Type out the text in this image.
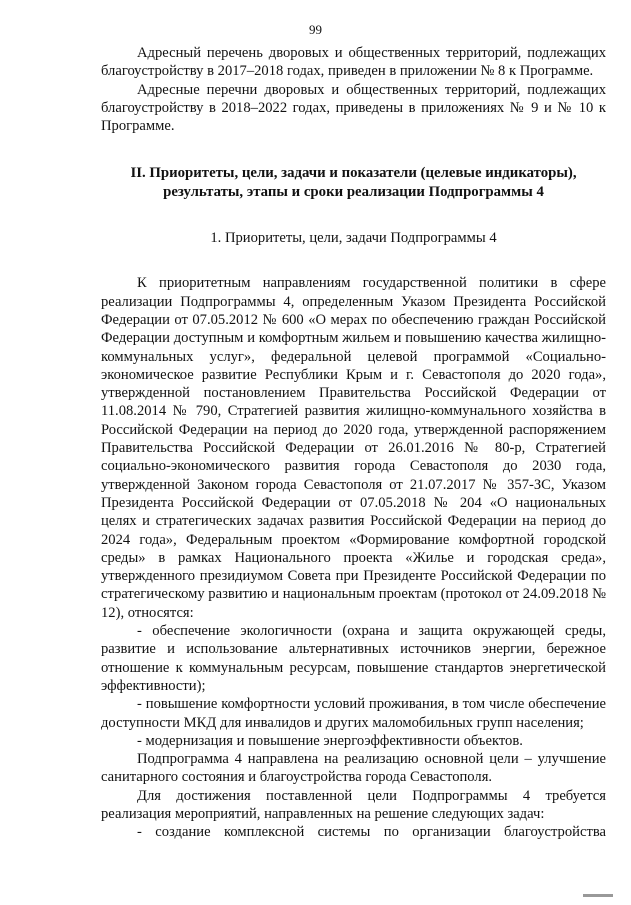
99

Адресный перечень дворовых и общественных территорий, подлежащих благоустройству в 2017–2018 годах, приведен в приложении № 8 к Программе.

Адресные перечни дворовых и общественных территорий, подлежащих благоустройству в 2018–2022 годах, приведены в приложениях № 9 и № 10 к Программе.

II. Приоритеты, цели, задачи и показатели (целевые индикаторы), результаты, этапы и сроки реализации Подпрограммы 4
1. Приоритеты, цели, задачи Подпрограммы 4

К приоритетным направлениям государственной политики в сфере реализации Подпрограммы 4, определенным Указом Президента Российской Федерации от 07.05.2012 № 600 «О мерах по обеспечению граждан Российской Федерации доступным и комфортным жильем и повышению качества жилищно-коммунальных услуг», федеральной целевой программой «Социально-экономическое развитие Республики Крым и г. Севастополя до 2020 года», утвержденной постановлением Правительства Российской Федерации от 11.08.2014 № 790, Стратегией развития жилищно-коммунального хозяйства в Российской Федерации на период до 2020 года, утвержденной распоряжением Правительства Российской Федерации от 26.01.2016 № 80-р, Стратегией социально-экономического развития города Севастополя до 2030 года, утвержденной Законом города Севастополя от 21.07.2017 № 357-ЗС, Указом Президента Российской Федерации от 07.05.2018 № 204 «О национальных целях и стратегических задачах развития Российской Федерации на период до 2024 года», Федеральным проектом «Формирование комфортной городской среды» в рамках Национального проекта «Жилье и городская среда», утвержденного президиумом Совета при Президенте Российской Федерации по стратегическому развитию и национальным проектам (протокол от 24.09.2018 № 12), относятся:

- обеспечение экологичности (охрана и защита окружающей среды, развитие и использование альтернативных источников энергии, бережное отношение к коммунальным ресурсам, повышение стандартов энергетической эффективности);

- повышение комфортности условий проживания, в том числе обеспечение доступности МКД для инвалидов и других маломобильных групп населения;

- модернизация и повышение энергоэффективности объектов.

Подпрограмма 4 направлена на реализацию основной цели – улучшение санитарного состояния и благоустройства города Севастополя.

Для достижения поставленной цели Подпрограммы 4 требуется реализация мероприятий, направленных на решение следующих задач:

- создание комплексной системы по организации благоустройства
